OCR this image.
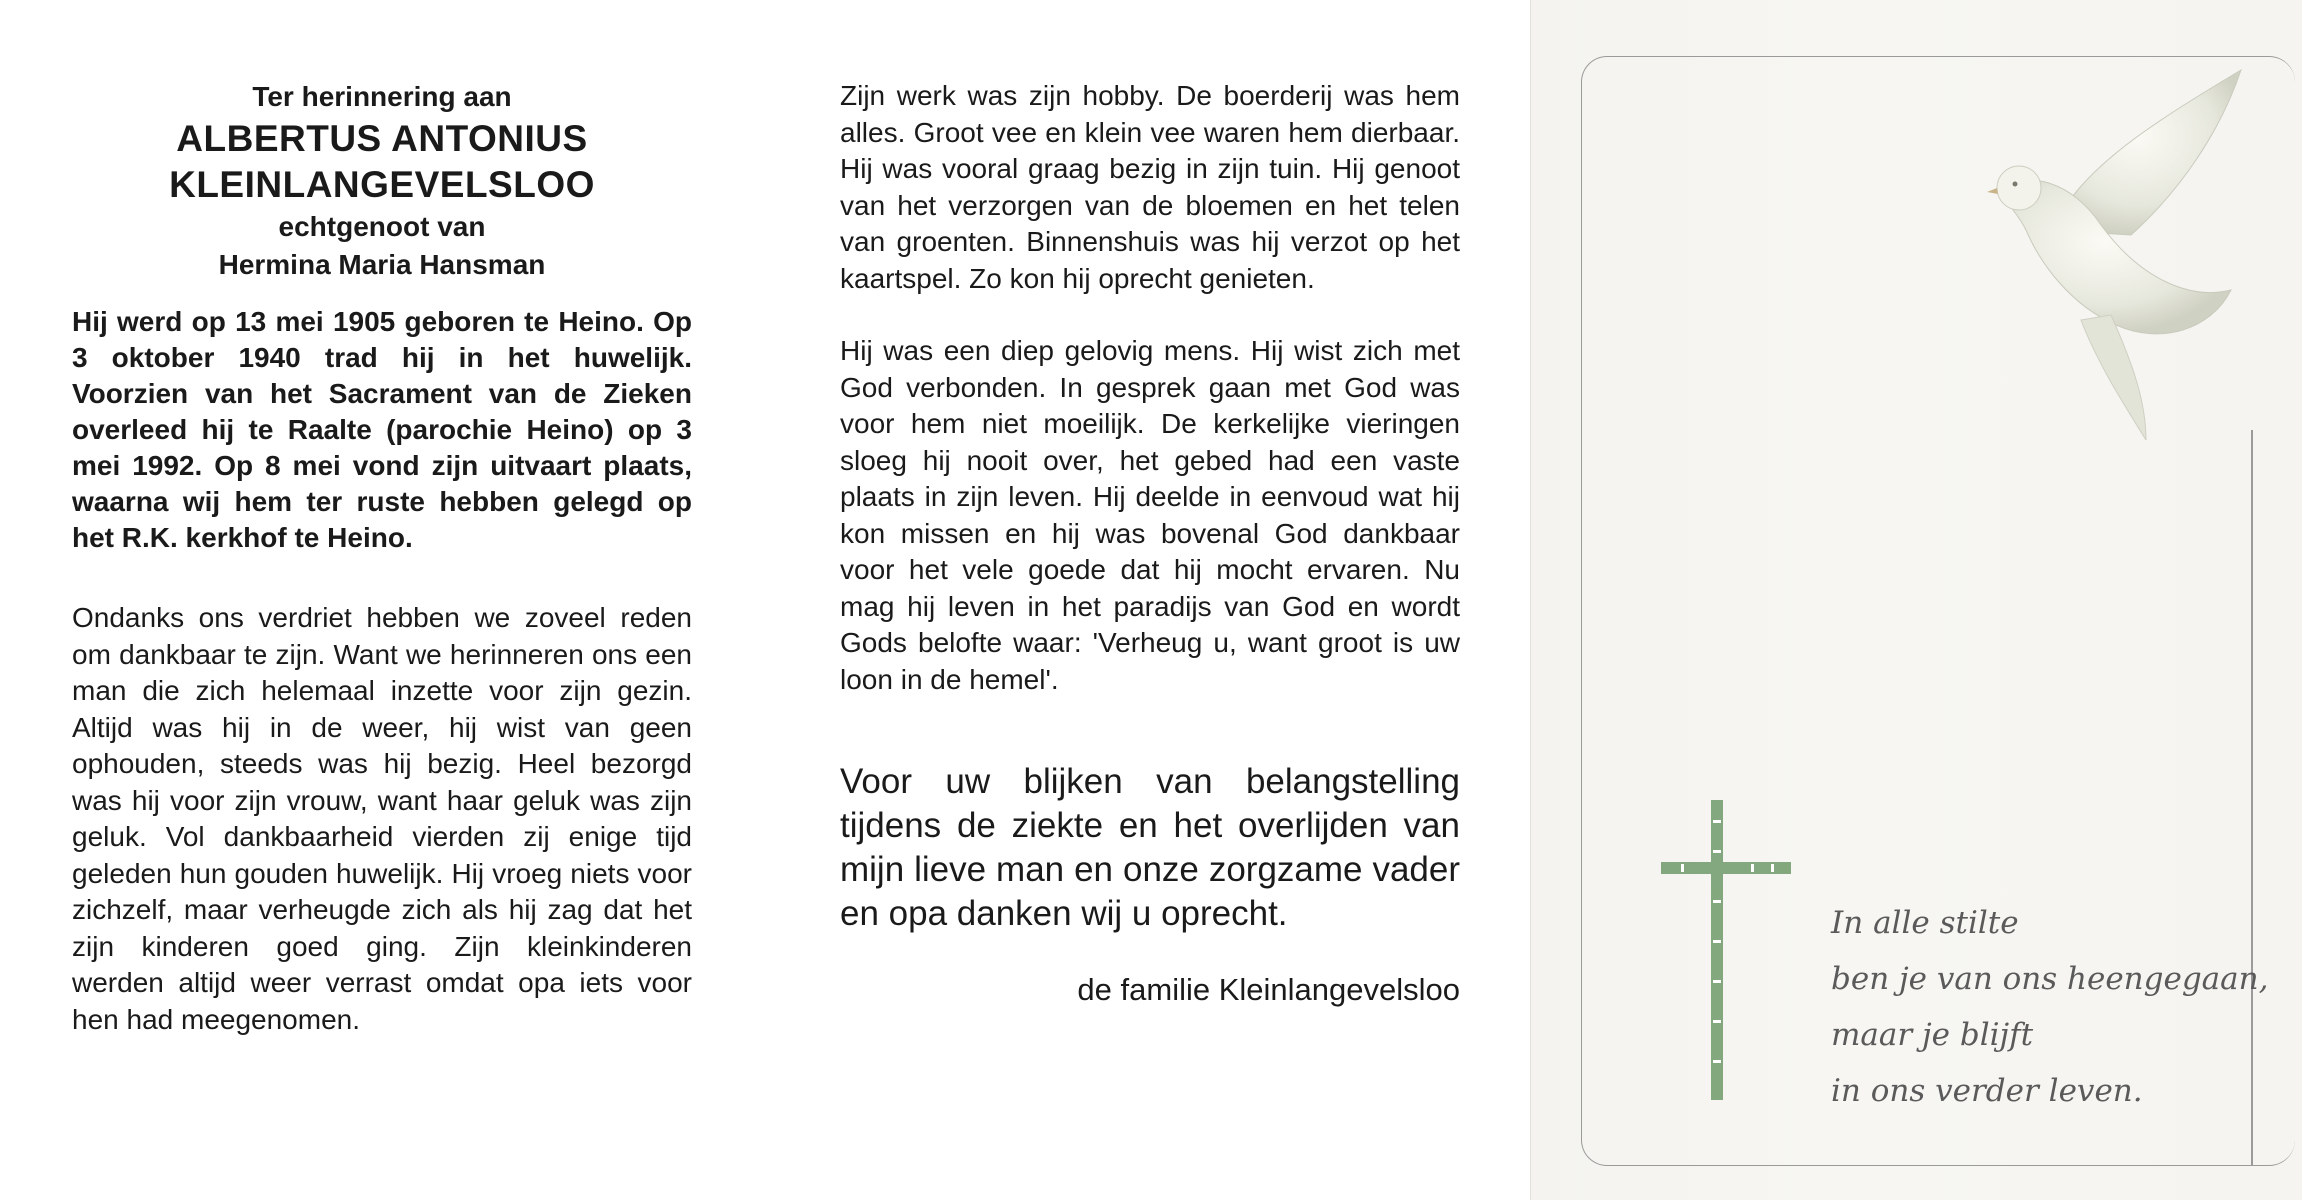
Ter herinnering aan
ALBERTUS ANTONIUS
KLEINLANGEVELSLOO
echtgenoot van
Hermina Maria Hansman

Hij werd op 13 mei 1905 geboren te Heino. Op 3 oktober 1940 trad hij in het huwelijk. Voorzien van het Sacrament van de Zieken overleed hij te Raalte (parochie Heino) op 3 mei 1992. Op 8 mei vond zijn uitvaart plaats, waarna wij hem ter ruste hebben gelegd op het R.K. kerkhof te Heino.

Ondanks ons verdriet hebben we zoveel reden om dankbaar te zijn. Want we herinneren ons een man die zich helemaal inzette voor zijn gezin. Altijd was hij in de weer, hij wist van geen ophouden, steeds was hij bezig. Heel bezorgd was hij voor zijn vrouw, want haar geluk was zijn geluk. Vol dankbaarheid vierden zij enige tijd geleden hun gouden huwelijk. Hij vroeg niets voor zichzelf, maar verheugde zich als hij zag dat het zijn kinderen goed ging. Zijn kleinkinderen werden altijd weer verrast omdat opa iets voor hen had meegenomen.

Zijn werk was zijn hobby. De boerderij was hem alles. Groot vee en klein vee waren hem dierbaar. Hij was vooral graag bezig in zijn tuin. Hij genoot van het verzorgen van de bloemen en het telen van groenten. Binnenshuis was hij verzot op het kaartspel. Zo kon hij oprecht genieten.

Hij was een diep gelovig mens. Hij wist zich met God verbonden. In gesprek gaan met God was voor hem niet moeilijk. De kerkelijke vieringen sloeg hij nooit over, het gebed had een vaste plaats in zijn leven. Hij deelde in eenvoud wat hij kon missen en hij was bovenal God dankbaar voor het vele goede dat hij mocht ervaren. Nu mag hij leven in het paradijs van God en wordt Gods belofte waar: 'Verheug u, want groot is uw loon in de hemel'.

Voor uw blijken van belangstelling tijdens de ziekte en het overlijden van mijn lieve man en onze zorgzame vader en opa danken wij u oprecht.

de familie Kleinlangevelsloo
In alle stilte
ben je van ons heengegaan,
maar je blijft
in ons verder leven.
